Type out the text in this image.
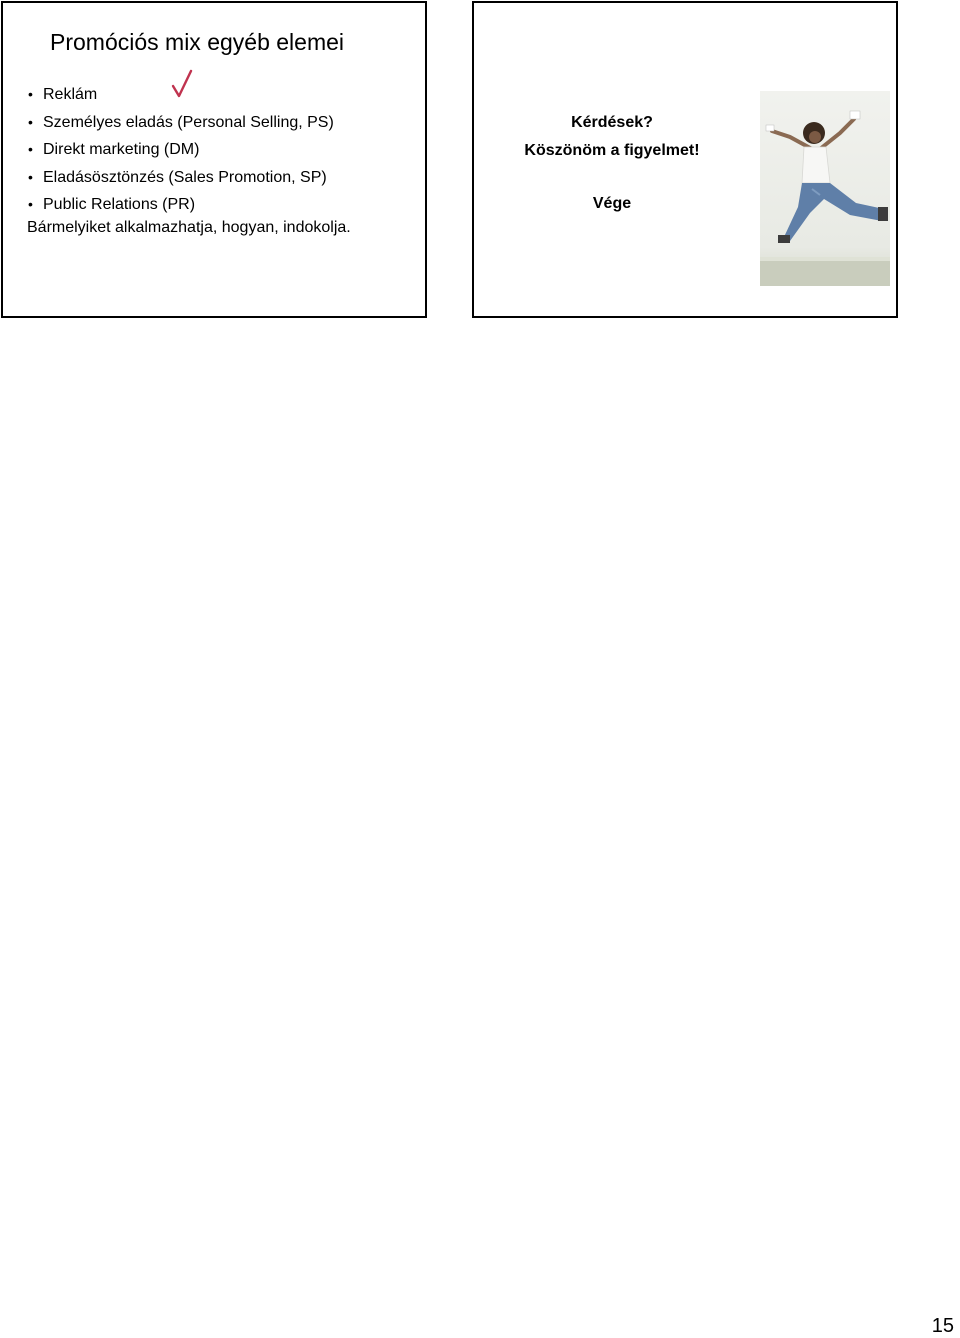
Promóciós mix egyéb elemei
• Reklám
• Személyes eladás (Personal Selling, PS)
• Direkt marketing (DM)
• Eladásösztönzés (Sales Promotion, SP)
• Public Relations (PR)
Bármelyiket alkalmazhatja, hogyan, indokolja.
Kérdések?
Köszönöm a figyelmet!
Vége
15
